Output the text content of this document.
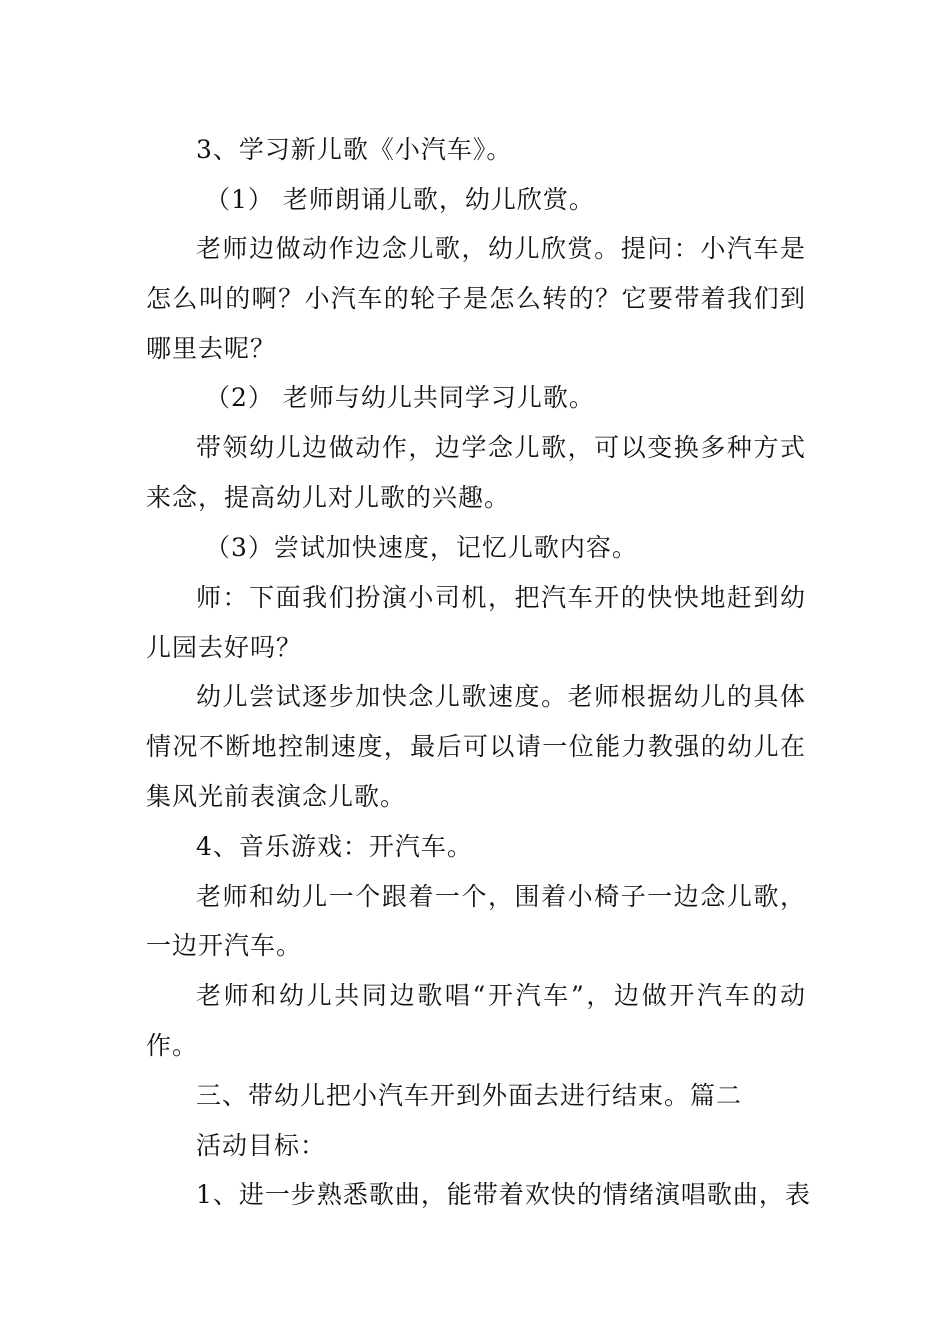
3、学习新儿歌《小汽车》。
（1） 老师朗诵儿歌，幼儿欣赏。
老师边做动作边念儿歌，幼儿欣赏。提问：小汽车是
怎么叫的啊？小汽车的轮子是怎么转的？它要带着我们到
哪里去呢？
（2） 老师与幼儿共同学习儿歌。
带领幼儿边做动作，边学念儿歌，可以变换多种方式
来念，提高幼儿对儿歌的兴趣。
（3）尝试加快速度，记忆儿歌内容。
师：下面我们扮演小司机，把汽车开的快快地赶到幼
儿园去好吗？
幼儿尝试逐步加快念儿歌速度。老师根据幼儿的具体
情况不断地控制速度，最后可以请一位能力教强的幼儿在
集风光前表演念儿歌。
4、音乐游戏：开汽车。
老师和幼儿一个跟着一个，围着小椅子一边念儿歌，
一边开汽车。
老师和幼儿共同边歌唱“开汽车”，边做开汽车的动
作。
三、带幼儿把小汽车开到外面去进行结束。篇二
活动目标：
1、进一步熟悉歌曲，能带着欢快的情绪演唱歌曲，表
